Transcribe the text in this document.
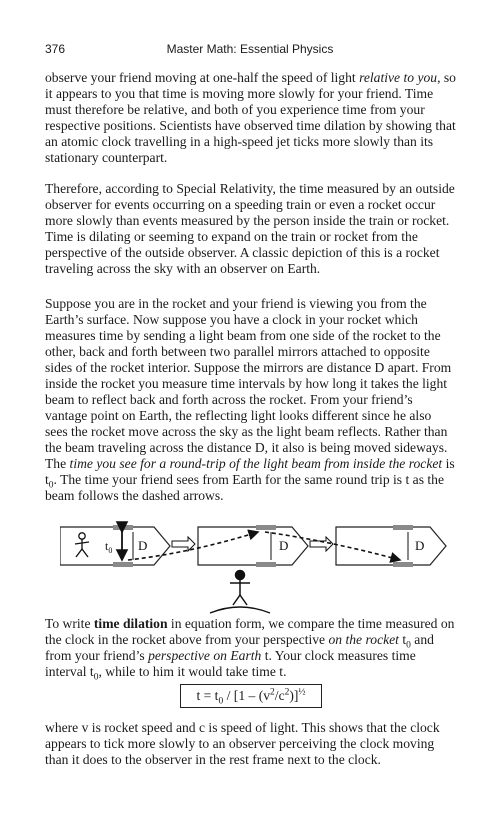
376	Master Math: Essential Physics

observe your friend moving at one-half the speed of light relative to you, so it appears to you that time is moving more slowly for your friend. Time must therefore be relative, and both of you experience time from your respective positions. Scientists have observed time dilation by showing that an atomic clock travelling in a high-speed jet ticks more slowly than its stationary counterpart.

Therefore, according to Special Relativity, the time measured by an outside observer for events occurring on a speeding train or even a rocket occur more slowly than events measured by the person inside the train or rocket. Time is dilating or seeming to expand on the train or rocket from the perspective of the outside observer. A classic depiction of this is a rocket traveling across the sky with an observer on Earth.

Suppose you are in the rocket and your friend is viewing you from the Earth’s surface. Now suppose you have a clock in your rocket which measures time by sending a light beam from one side of the rocket to the other, back and forth between two parallel mirrors attached to opposite sides of the rocket interior. Suppose the mirrors are distance D apart. From inside the rocket you measure time intervals by how long it takes the light beam to reflect back and forth across the rocket. From your friend’s vantage point on Earth, the reflecting light looks different since he also sees the rocket move across the sky as the light beam reflects. Rather than the beam traveling across the distance D, it also is being moved sideways. The time you see for a round-trip of the light beam from inside the rocket is $t_0$. The time your friend sees from Earth for the same round trip is t as the beam follows the dashed arrows.

$t_0$ D	D	D

To write time dilation in equation form, we compare the time measured on the clock in the rocket above from your perspective on the rocket $t_0$ and from your friend’s perspective on Earth t. Your clock measures time interval $t_0$, while to him it would take time t.

$t = t_0 / [1 - (v^2/c^2)]^{\frac{1}{2}}$

where v is rocket speed and c is speed of light. This shows that the clock appears to tick more slowly to an observer perceiving the clock moving than it does to the observer in the rest frame next to the clock.
